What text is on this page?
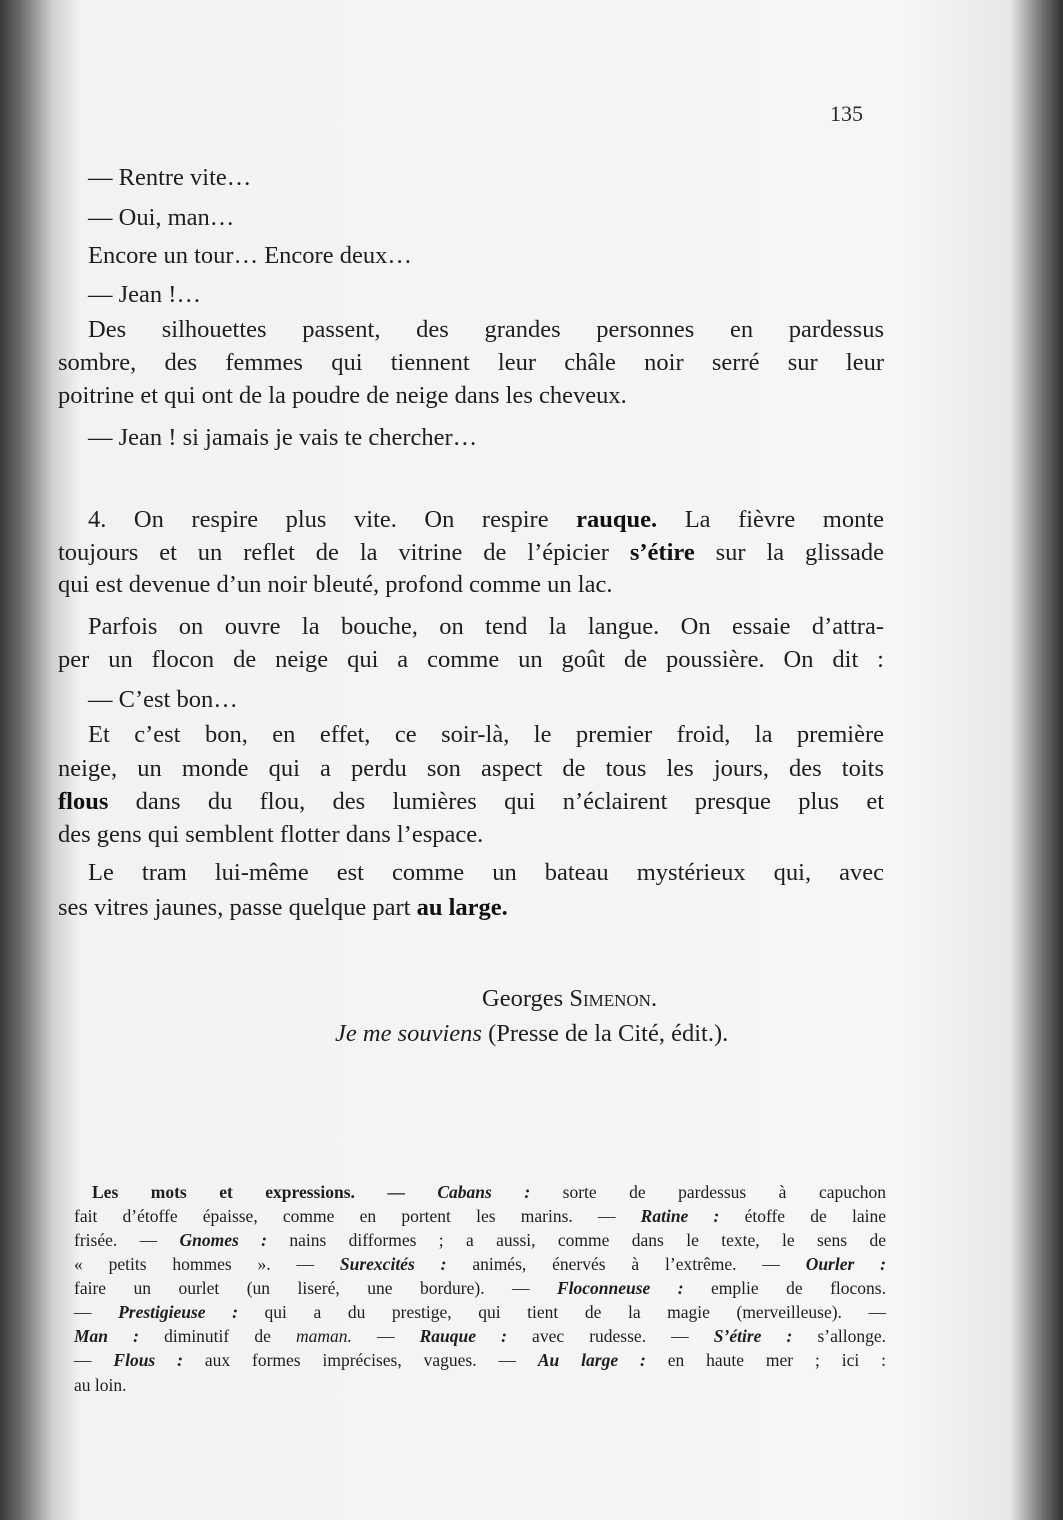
135
— Rentre vite…
— Oui, man…
Encore un tour… Encore deux…
— Jean !…
Des silhouettes passent, des grandes personnes en pardessus
sombre, des femmes qui tiennent leur châle noir serré sur leur
poitrine et qui ont de la poudre de neige dans les cheveux.
— Jean ! si jamais je vais te chercher…
4. On respire plus vite. On respire rauque. La fièvre monte
toujours et un reflet de la vitrine de l’épicier s’étire sur la glissade
qui est devenue d’un noir bleuté, profond comme un lac.
Parfois on ouvre la bouche, on tend la langue. On essaie d’attra-
per un flocon de neige qui a comme un goût de poussière. On dit :
— C’est bon…
Et c’est bon, en effet, ce soir-là, le premier froid, la première
neige, un monde qui a perdu son aspect de tous les jours, des toits
flous dans du flou, des lumières qui n’éclairent presque plus et
des gens qui semblent flotter dans l’espace.
Le tram lui-même est comme un bateau mystérieux qui, avec
ses vitres jaunes, passe quelque part au large.
Georges Simenon.
Je me souviens (Presse de la Cité, édit.).
Les mots et expressions. — Cabans : sorte de pardessus à capuchon
fait d’étoffe épaisse, comme en portent les marins. — Ratine : étoffe de laine
frisée. — Gnomes : nains difformes ; a aussi, comme dans le texte, le sens de
« petits hommes ». — Surexcités : animés, énervés à l’extrême. — Ourler :
faire un ourlet (un liseré, une bordure). — Floconneuse : emplie de flocons.
— Prestigieuse : qui a du prestige, qui tient de la magie (merveilleuse). —
Man : diminutif de maman. — Rauque : avec rudesse. — S’étire : s’allonge.
— Flous : aux formes imprécises, vagues. — Au large : en haute mer ; ici :
au loin.
